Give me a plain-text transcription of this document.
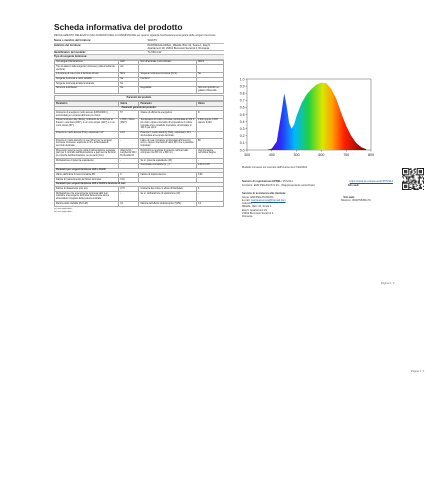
Scheda informativa del prodotto
REGOLAMENTO DELEGATO (UE) 2019/2015 DELLA COMMISSIONE per quanto riguarda l'etichettatura energetica delle sorgenti luminose
Nome o marchio del fornitore:	WHCTV
Indirizzo del fornitore:	PANTREGALADSAL_MEHAL Bloc 42, Scara 1, Etaj 5, Apartament 29, 23461 Bucuresti Sectorul 2, Romania
Identificativo del modello:	TL-549-G12
Tipo di sorgente luminosa:
Tecnologia d'illuminazione:	LED	Non direzionale o di-rezionale:	NDLS
Tipo di attacco della sorgente luminosa (o altra interfaccia elettrica):	AC		
A funzione di rete o non a funzione di rete:	MLS	Sorgente luminosa connessa (CLS):	No
Sorgente luminosa a colori variabili:	No	Involucro:	-
Sorgente luminosa ad alta luminanza:	No		
Schermo antiriflesso:	No	Regolabile:	Solo con specifici se-golatori d'intensità
Parametri del prodotto
Parametro	Valore	Parametro	Valore
Parametri generali del prodotto:			
Consumo di energia in modo acceso (kWh/1000 h), arrotondato per eccesso all'intero più vicino:	57	Classe di efficienza energetica:	D
Flusso luminoso utile (Φuse), indicando se si riferisce al flusso in una sfera (360°), in un cono ampio (120°) o in un cono stretto (90°):	1.650 in Sfera (360°)	Temperatura di colore correlata, arrotondata ai 100 K più vicini, oppure intervallo di temperature di colore correlate che è possibile impostare, arrotondate ai 100 K più vicini:	2.000 oppure 4.000 oppure 6.000
Potenza in modo acceso (Pon), espressa in W:	13,0	Potenza in modo stand-by (Psb), espressa in W e arrotondata al secondo decimale:	-
Potenza in modo stand-by in rete (Pnet) per le sorgenti luminose connesse, espressa in W e arrotondata al secondo decimale:	-	Indice di resa cromatica, arrotondato all'intero più vicino, oppure intervallo di valori IRC che è possibile impostare:	88
Dimensioni esterne senza unità di alimentazione separata, parti per il controllo dell'illuminazione e parti senza funzioni di controllo dell'illuminazione, se presenti (mm):	Altezza 64 / Larghezza 549 / Profondità 64	Distribuzione spettrale di potenza nell'intervallo compreso tra 250 nm e 800 nm:	Vedi immagine nell'ultima pagina
Dichiarazione di potenza equivalente:	-	Se sì, potenza equivalente (W):	-
		Coordinate cromatiche (x, y):	0,313 0,337
Parametri per sorgenti luminose LED e OLED:			
Valore dell'indice di resa cromatica R9:	8	Fattore di sopravvivenza:	0,90
Fattore di mantenimento del flusso luminoso:	0,91		
Parametri per sorgenti luminose LED e OLED a funzione di rete:			
Fattore di sfasamento (cos φ1):	0,79	Costanza del colore in ellissi di MacAdam:	3
Dichiarazione che una sorgente luminosa LED può sostituire una sorgente luminosa fluorescente senza alimentatore integrato della potenza indicata:	-	Se sì, dichiarazione di sostituzione (W):	-
Metrica dello sfarfallio (Pst LM):	0,1	Metrica dell'effetto stroboscopico (SVM):	0,4
(a) non applicabile;
(b) non applicabile;
1.0
0.9
0.8
0.7
0.6
0.5
0.4
0.3
0.2
0.1
0.0
300	400	500	600	700	800
Modello immesso sul mercato dell'Unione da 17/10/2024
Numero di registrazione EPREL:
1572214	https://eprel.ec.europa.eu/qr/1572214
Fornitore:
EMF PEGASUS S.R.L. (Rappresentante autorizzato)	Sito web:
Servizio di assistenza alla clientela:
Nome:
EMFPEGASUS00%	Sito web:
E-mail:
marinescumcca@hotmail.com	Telefono:
0040756451176
Indirizzo:
MEHAL, Bloc 42, Scara 1
Etaj 5, Apartament 29,
23462 Bucuresti Sectorul 2,
Romania
Pagina 2 / 2
Pagina 1 / 1
